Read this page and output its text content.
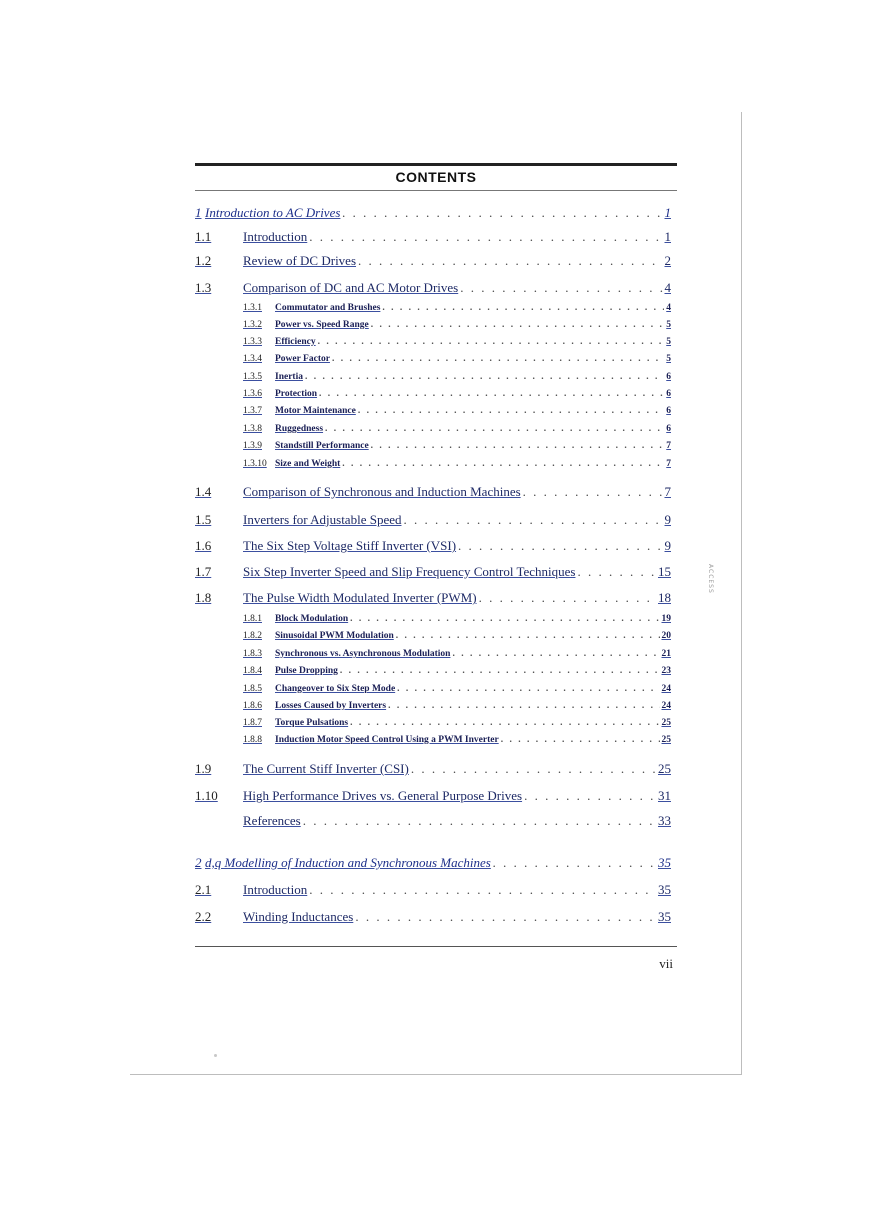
ACCESS
CONTENTS
1 Introduction to AC Drives . . .	1
1.1	Introduction . . .	1
1.2	Review of DC Drives . . .	2
1.3	Comparison of DC and AC Motor Drives . . .	4
1.3.1	Commutator and Brushes . . .	4
1.3.2	Power vs. Speed Range . . .	5
1.3.3	Efficiency . . .	5
1.3.4	Power Factor . . .	5
1.3.5	Inertia . . .	6
1.3.6	Protection . . .	6
1.3.7	Motor Maintenance . . .	6
1.3.8	Ruggedness . . .	6
1.3.9	Standstill Performance . . .	7
1.3.10 Size and Weight . . .	7
1.4	Comparison of Synchronous and Induction Machines . . .	7
1.5	Inverters for Adjustable Speed . . .	9
1.6	The Six Step Voltage Stiff Inverter (VSI) . . .	9
1.7	Six Step Inverter Speed and Slip Frequency Control Techniques . . .	15
1.8	The Pulse Width Modulated Inverter (PWM) . . .	18
1.8.1	Block Modulation . . .	19
1.8.2	Sinusoidal PWM Modulation . . .	20
1.8.3	Synchronous vs. Asynchronous Modulation . . .	21
1.8.4	Pulse Dropping . . .	23
1.8.5	Changeover to Six Step Mode . . .	24
1.8.6	Losses Caused by Inverters . . .	24
1.8.7	Torque Pulsations . . .	25
1.8.8	Induction Motor Speed Control Using a PWM Inverter . . .	25
1.9	The Current Stiff Inverter (CSI) . . .	25
1.10	High Performance Drives vs. General Purpose Drives . . .	31
References . . .	33
2 d,q Modelling of Induction and Synchronous Machines . . .	35
2.1	Introduction . . .	35
2.2	Winding Inductances . . .	35
vii
